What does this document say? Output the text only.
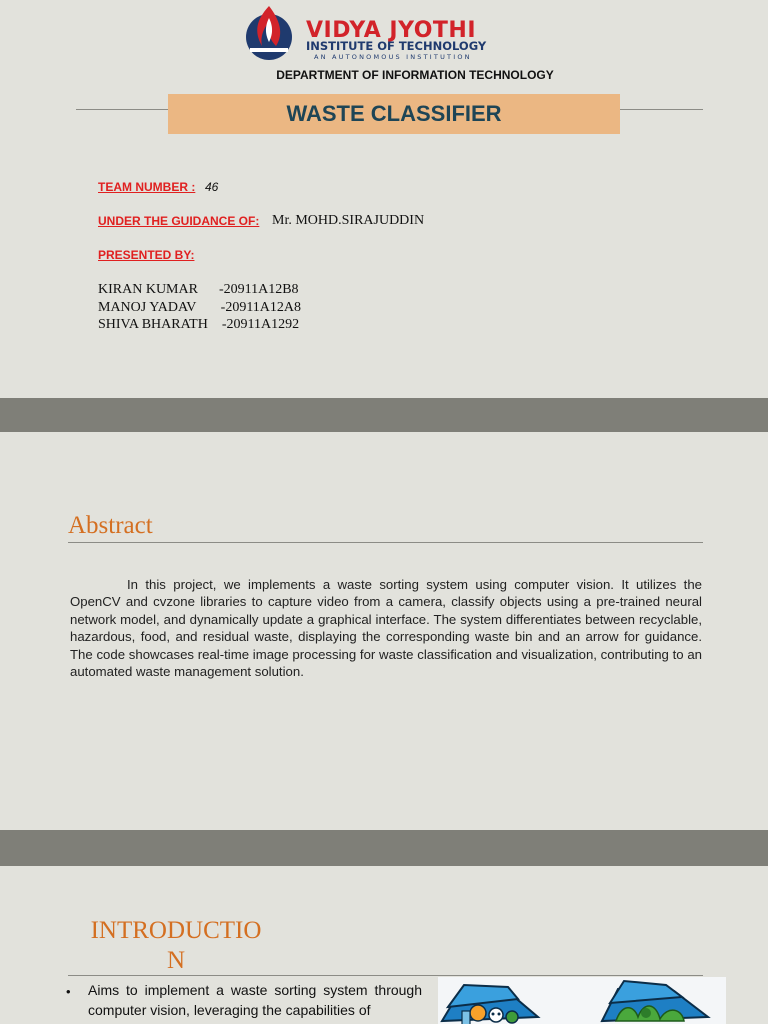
VIDYA JYOTHI
INSTITUTE OF TECHNOLOGY
AN AUTONOMOUS INSTITUTION
DEPARTMENT OF INFORMATION TECHNOLOGY
WASTE CLASSIFIER
TEAM NUMBER : 46
UNDER THE GUIDANCE OF: Mr. MOHD.SIRAJUDDIN
PRESENTED BY:
KIRAN KUMAR      -20911A12B8
MANOJ YADAV       -20911A12A8
SHIVA BHARATH    -20911A1292
Abstract
In this project, we implements a waste sorting system using computer vision. It utilizes the OpenCV and cvzone libraries to capture video from a camera, classify objects using a pre-trained neural network model, and dynamically update a graphical interface. The system differentiates between recyclable, hazardous, food, and residual waste, displaying the corresponding waste bin and an arrow for guidance. The code showcases real-time image processing for waste classification and visualization, contributing to an automated waste management solution.
INTRODUCTIO
N
• Aims to implement a waste sorting system through computer vision, leveraging the capabilities of
